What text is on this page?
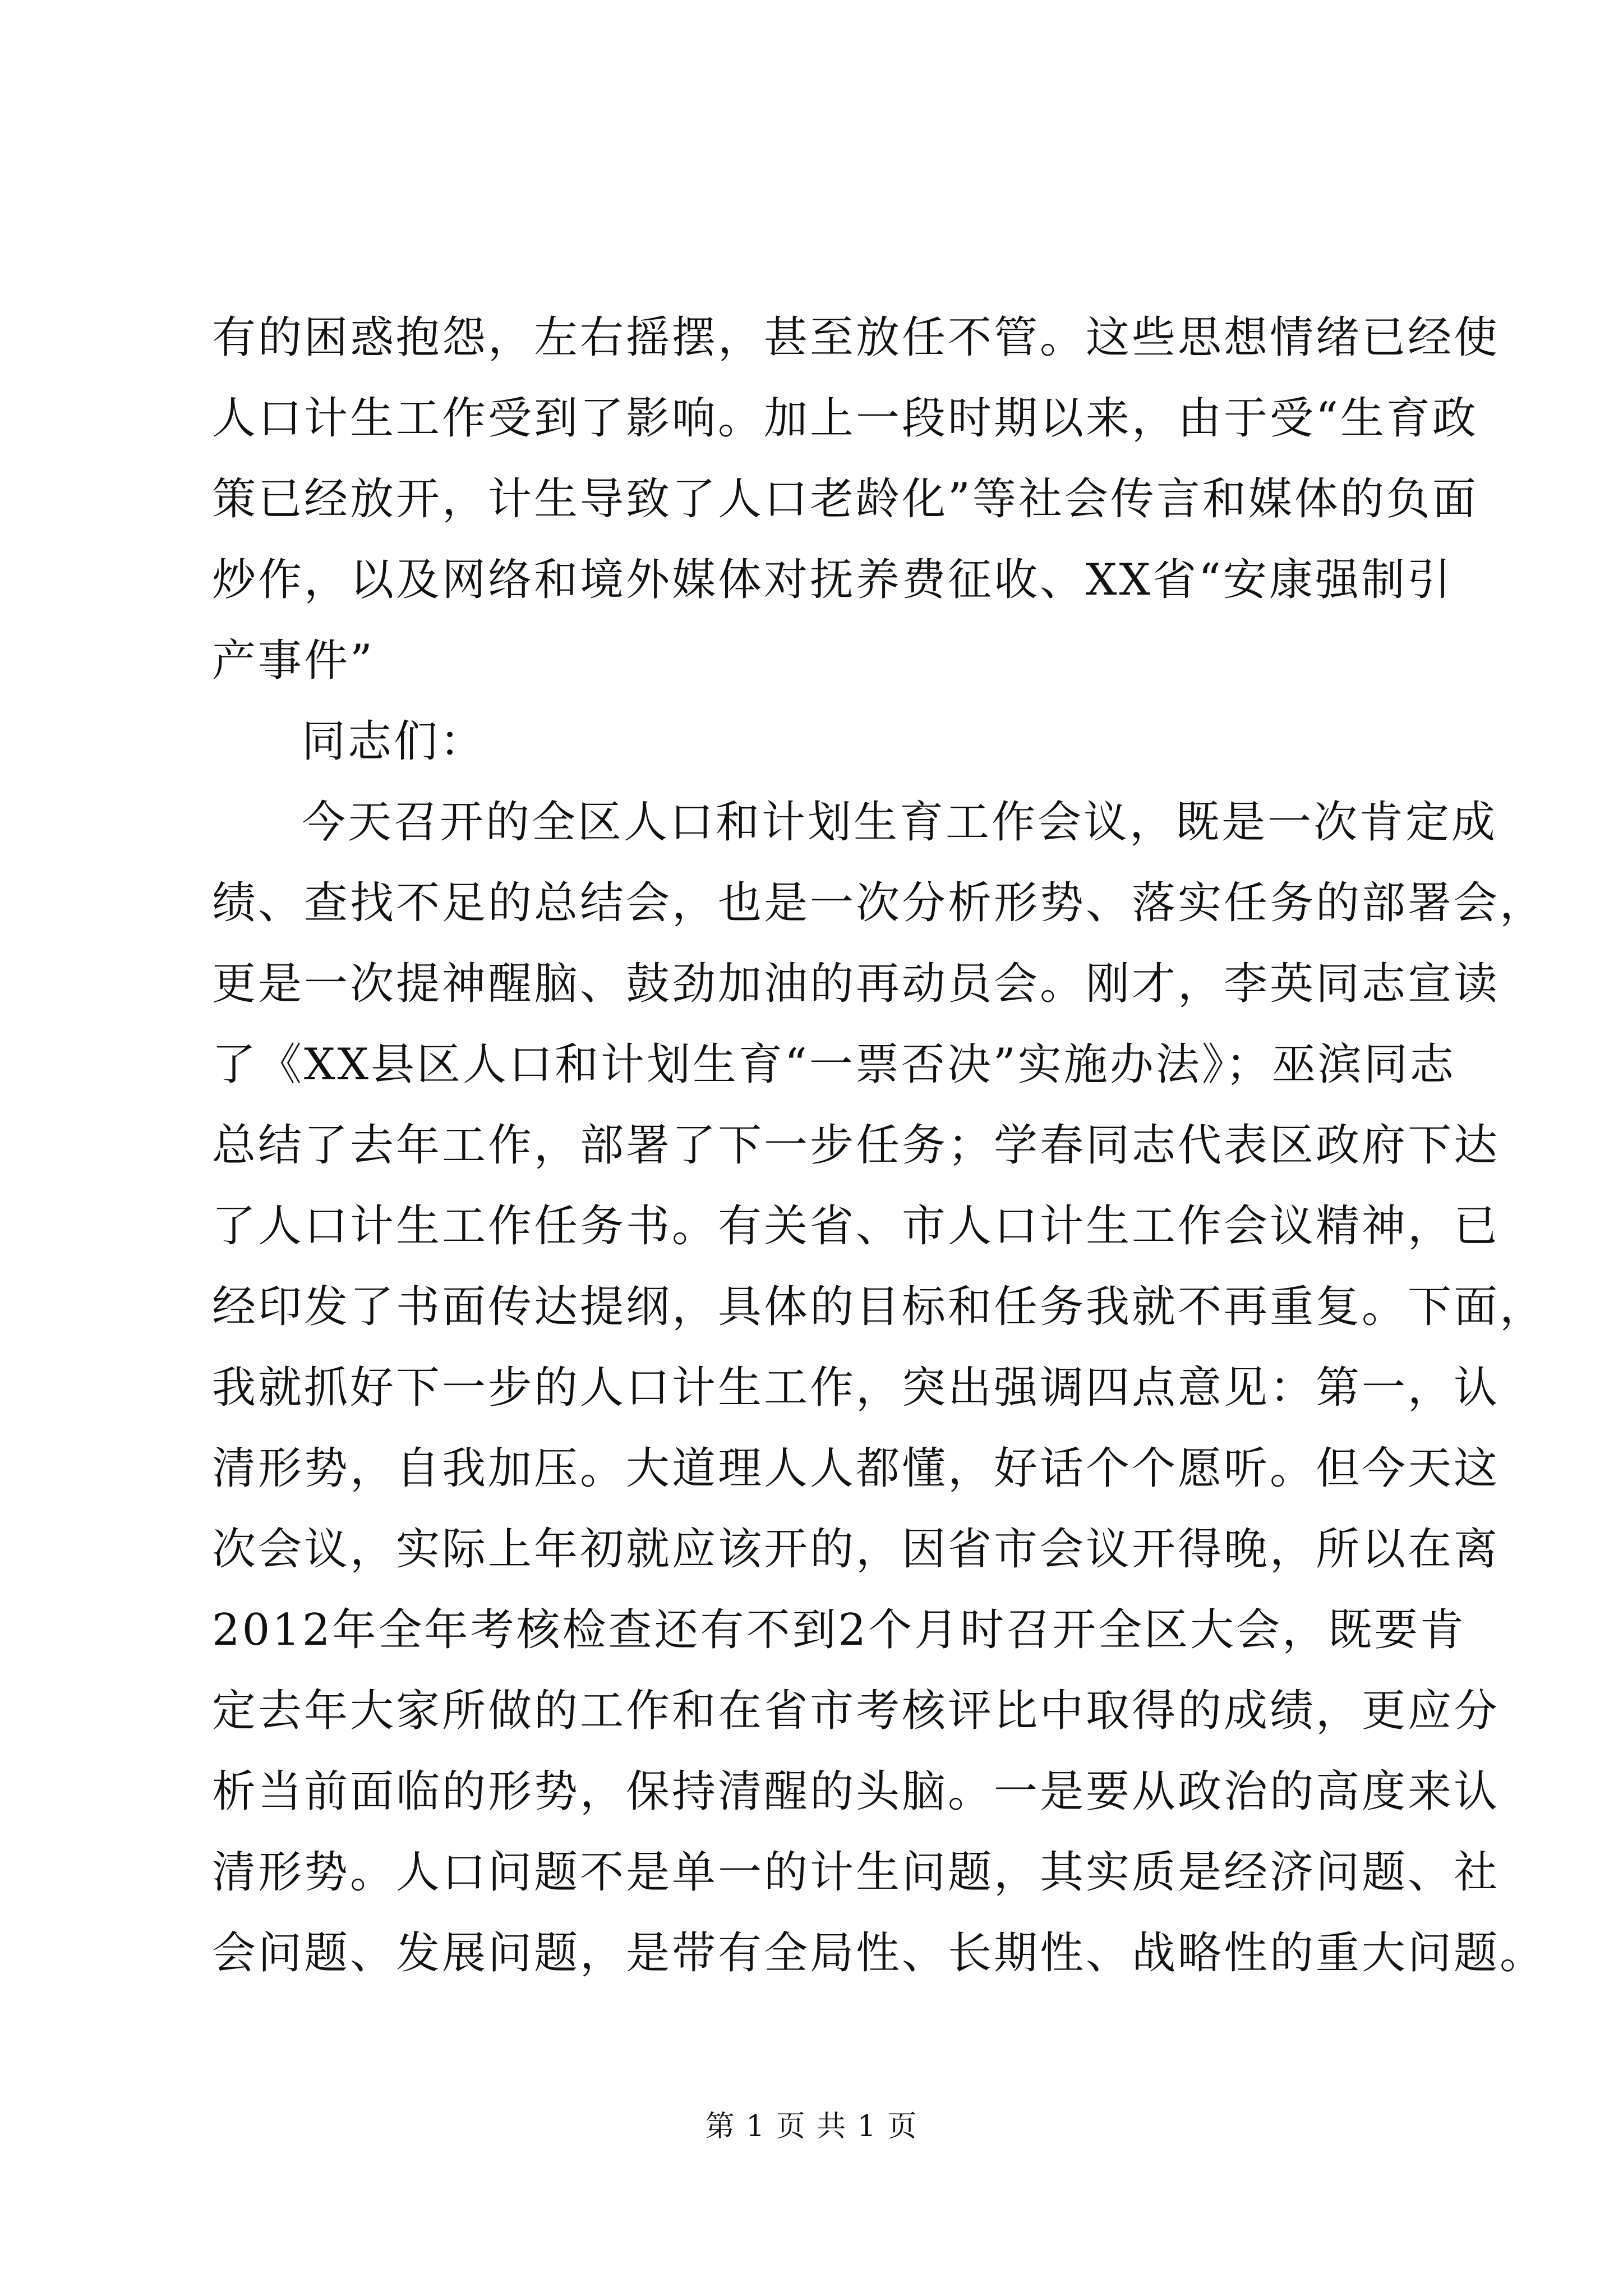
有的困惑抱怨，左右摇摆，甚至放任不管。这些思想情绪已经使
人口计生工作受到了影响。加上一段时期以来，由于受“生育政
策已经放开，计生导致了人口老龄化”等社会传言和媒体的负面
炒作，以及网络和境外媒体对抚养费征收、XX省“安康强制引
产事件”
同志们：
今天召开的全区人口和计划生育工作会议，既是一次肯定成
绩、查找不足的总结会，也是一次分析形势、落实任务的部署会，
更是一次提神醒脑、鼓劲加油的再动员会。刚才，李英同志宣读
了《XX县区人口和计划生育“一票否决”实施办法》；巫滨同志
总结了去年工作，部署了下一步任务；学春同志代表区政府下达
了人口计生工作任务书。有关省、市人口计生工作会议精神，已
经印发了书面传达提纲，具体的目标和任务我就不再重复。下面，
我就抓好下一步的人口计生工作，突出强调四点意见：第一，认
清形势，自我加压。大道理人人都懂，好话个个愿听。但今天这
次会议，实际上年初就应该开的，因省市会议开得晚，所以在离
2012年全年考核检查还有不到2个月时召开全区大会，既要肯
定去年大家所做的工作和在省市考核评比中取得的成绩，更应分
析当前面临的形势，保持清醒的头脑。一是要从政治的高度来认
清形势。人口问题不是单一的计生问题，其实质是经济问题、社
会问题、发展问题，是带有全局性、长期性、战略性的重大问题。
第 1 页 共 1 页
